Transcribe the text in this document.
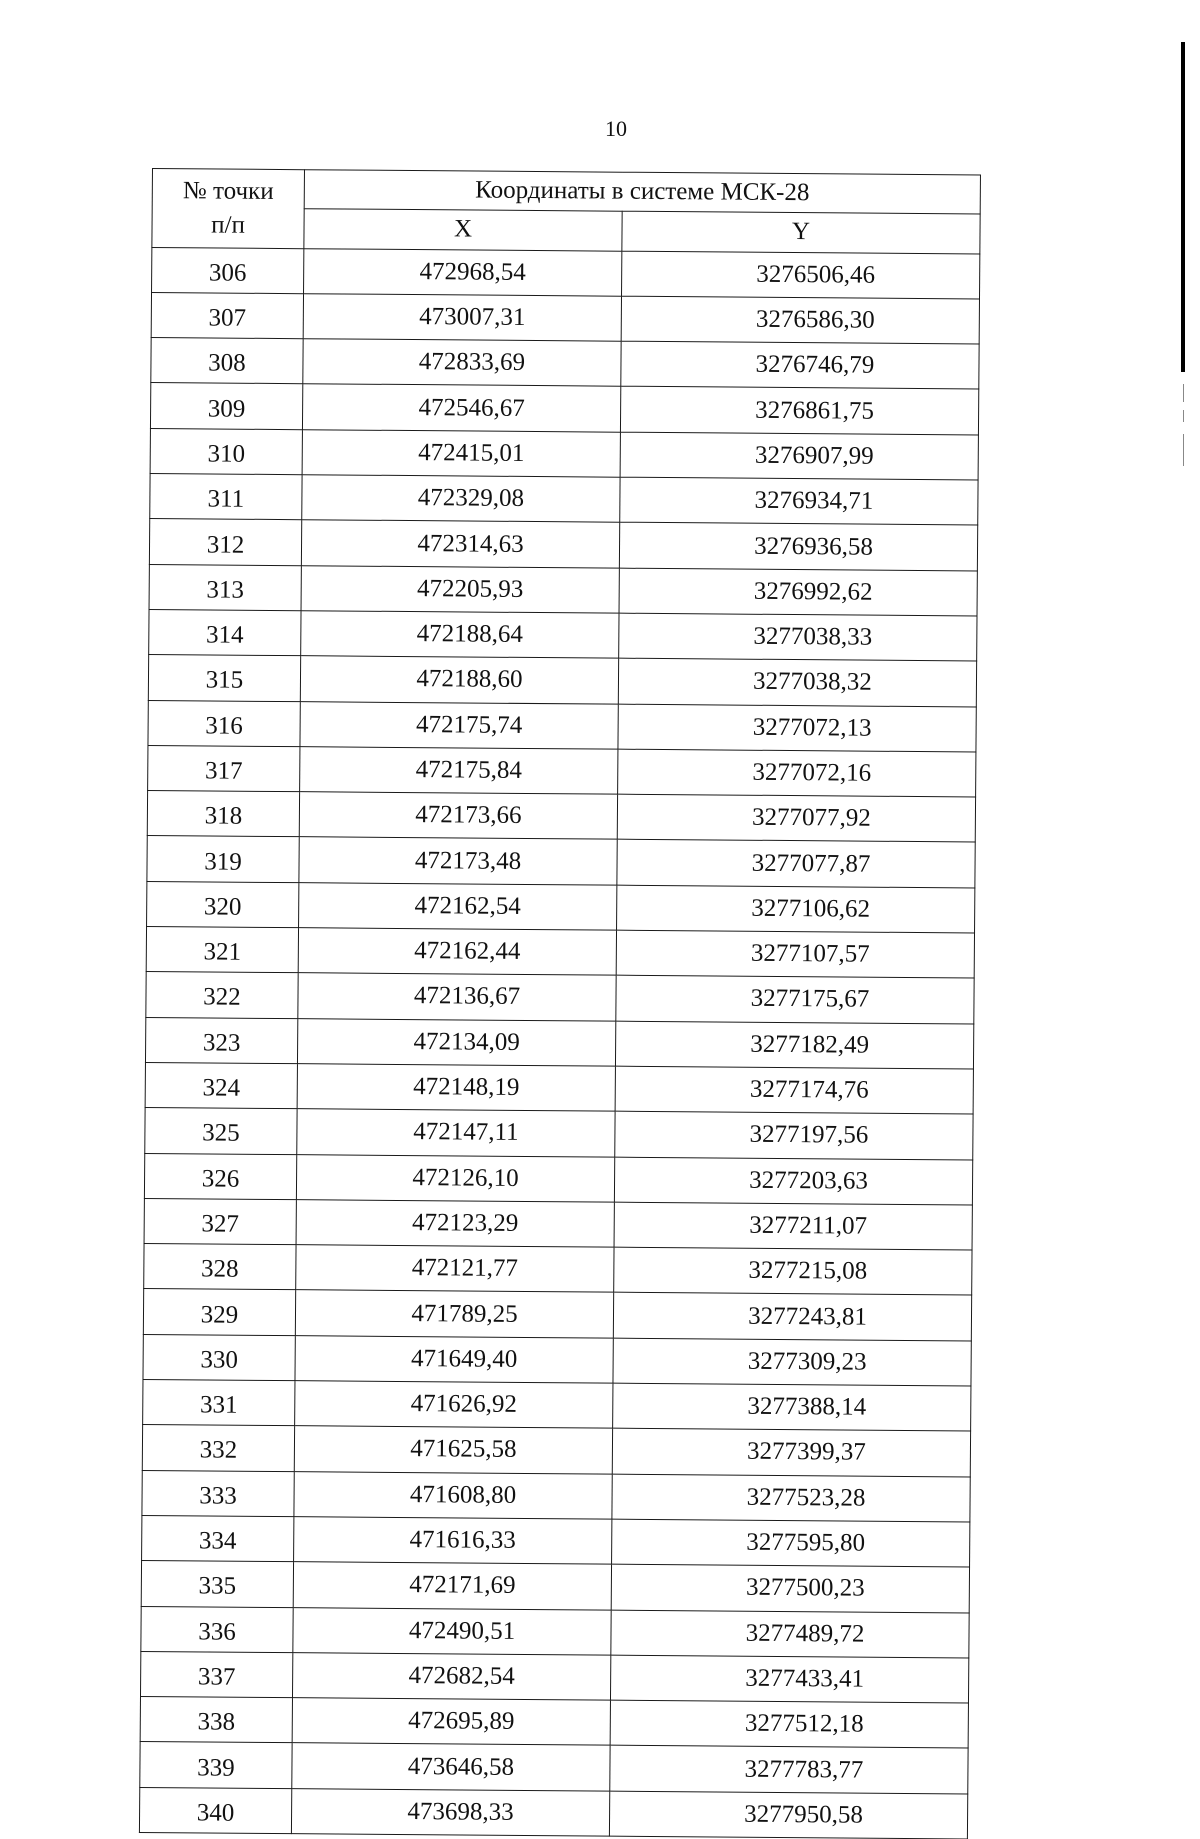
10
№ точки
п/п	Координаты в системе МСК-28	
	X	Y
306	472968,54	3276506,46
307	473007,31	3276586,30
308	472833,69	3276746,79
309	472546,67	3276861,75
310	472415,01	3276907,99
311	472329,08	3276934,71
312	472314,63	3276936,58
313	472205,93	3276992,62
314	472188,64	3277038,33
315	472188,60	3277038,32
316	472175,74	3277072,13
317	472175,84	3277072,16
318	472173,66	3277077,92
319	472173,48	3277077,87
320	472162,54	3277106,62
321	472162,44	3277107,57
322	472136,67	3277175,67
323	472134,09	3277182,49
324	472148,19	3277174,76
325	472147,11	3277197,56
326	472126,10	3277203,63
327	472123,29	3277211,07
328	472121,77	3277215,08
329	471789,25	3277243,81
330	471649,40	3277309,23
331	471626,92	3277388,14
332	471625,58	3277399,37
333	471608,80	3277523,28
334	471616,33	3277595,80
335	472171,69	3277500,23
336	472490,51	3277489,72
337	472682,54	3277433,41
338	472695,89	3277512,18
339	473646,58	3277783,77
340	473698,33	3277950,58
